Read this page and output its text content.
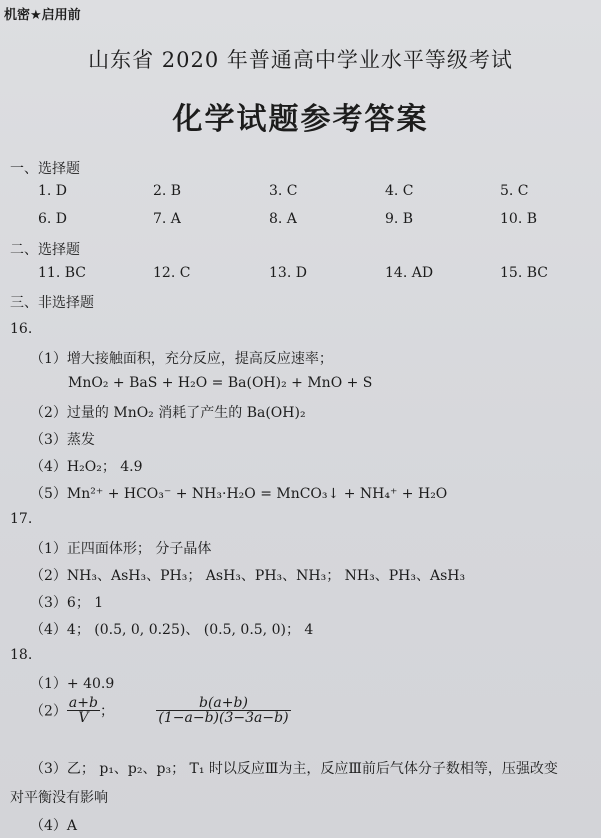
机密★启用前
山东省 2020 年普通高中学业水平等级考试
化学试题参考答案
一、选择题
1. D	2. B	3. C	4. C	5. C
6. D	7. A	8. A	9. B	10. B
二、选择题
11. BC	12. C	13. D	14. AD	15. BC
三、非选择题
16.
（1）增大接触面积，充分反应，提高反应速率；
MnO₂ + BaS + H₂O = Ba(OH)₂ + MnO + S
（2）过量的 MnO₂ 消耗了产生的 Ba(OH)₂
（3）蒸发
（4）H₂O₂； 4.9
（5）Mn²⁺ + HCO₃⁻ + NH₃·H₂O = MnCO₃↓ + NH₄⁺ + H₂O
17.
（1）正四面体形； 分子晶体
（2）NH₃、AsH₃、PH₃； AsH₃、PH₃、NH₃； NH₃、PH₃、AsH₃
（3）6； 1
（4）4； (0.5, 0, 0.25)、 (0.5, 0.5, 0)； 4
18.
（1）+ 40.9
$(2) \frac{a+b}{V}$ ；	$\frac{b(a+b)}{(1-a-b)(3-3a-b)}$
（3）乙； p₁、p₂、p₃； T₁ 时以反应Ⅲ为主，反应Ⅲ前后气体分子数相等，压强改变
对平衡没有影响
（4）A
